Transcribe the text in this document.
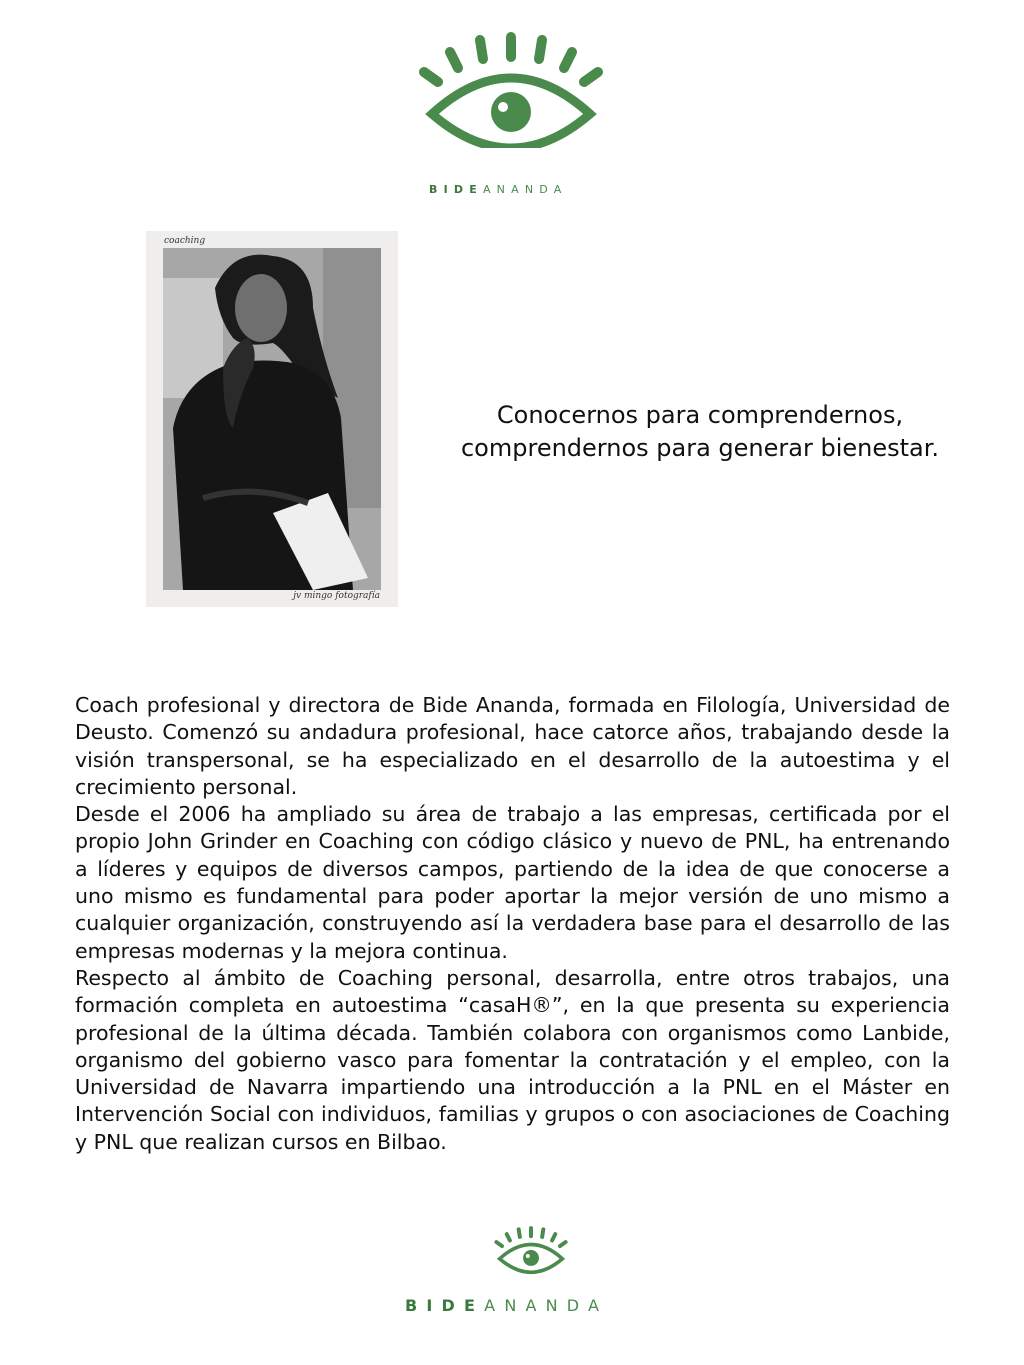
BIDEANANDA
coaching
jv mingo fotografía
Conocernos para comprendernos,
comprendernos para generar bienestar.

Coach profesional y directora de Bide Ananda, formada en Filología, Universidad de Deusto. Comenzó su andadura profesional, hace catorce años, trabajando desde la visión transpersonal, se ha especializado en el desarrollo de la autoestima y el crecimiento personal.

Desde el 2006 ha ampliado su área de trabajo a las empresas, certificada por el propio John Grinder en Coaching con código clásico y nuevo de PNL, ha entrenando a líderes y equipos de diversos campos, partiendo de la idea de que conocerse a uno mismo es fundamental para poder aportar la mejor versión de uno mismo a cualquier organización, construyendo así la verdadera base para el desarrollo de las empresas modernas y la mejora continua.

Respecto al ámbito de Coaching personal, desarrolla, entre otros trabajos, una formación completa en autoestima “casaH®”, en la que presenta su experiencia profesional de la última década. También colabora con organismos como Lanbide, organismo del gobierno vasco para fomentar la contratación y el empleo, con la Universidad de Navarra impartiendo una introducción a la PNL en el Máster en Intervención Social con individuos, familias y grupos o con asociaciones de Coaching y PNL que realizan cursos en Bilbao.

BIDEANANDA
